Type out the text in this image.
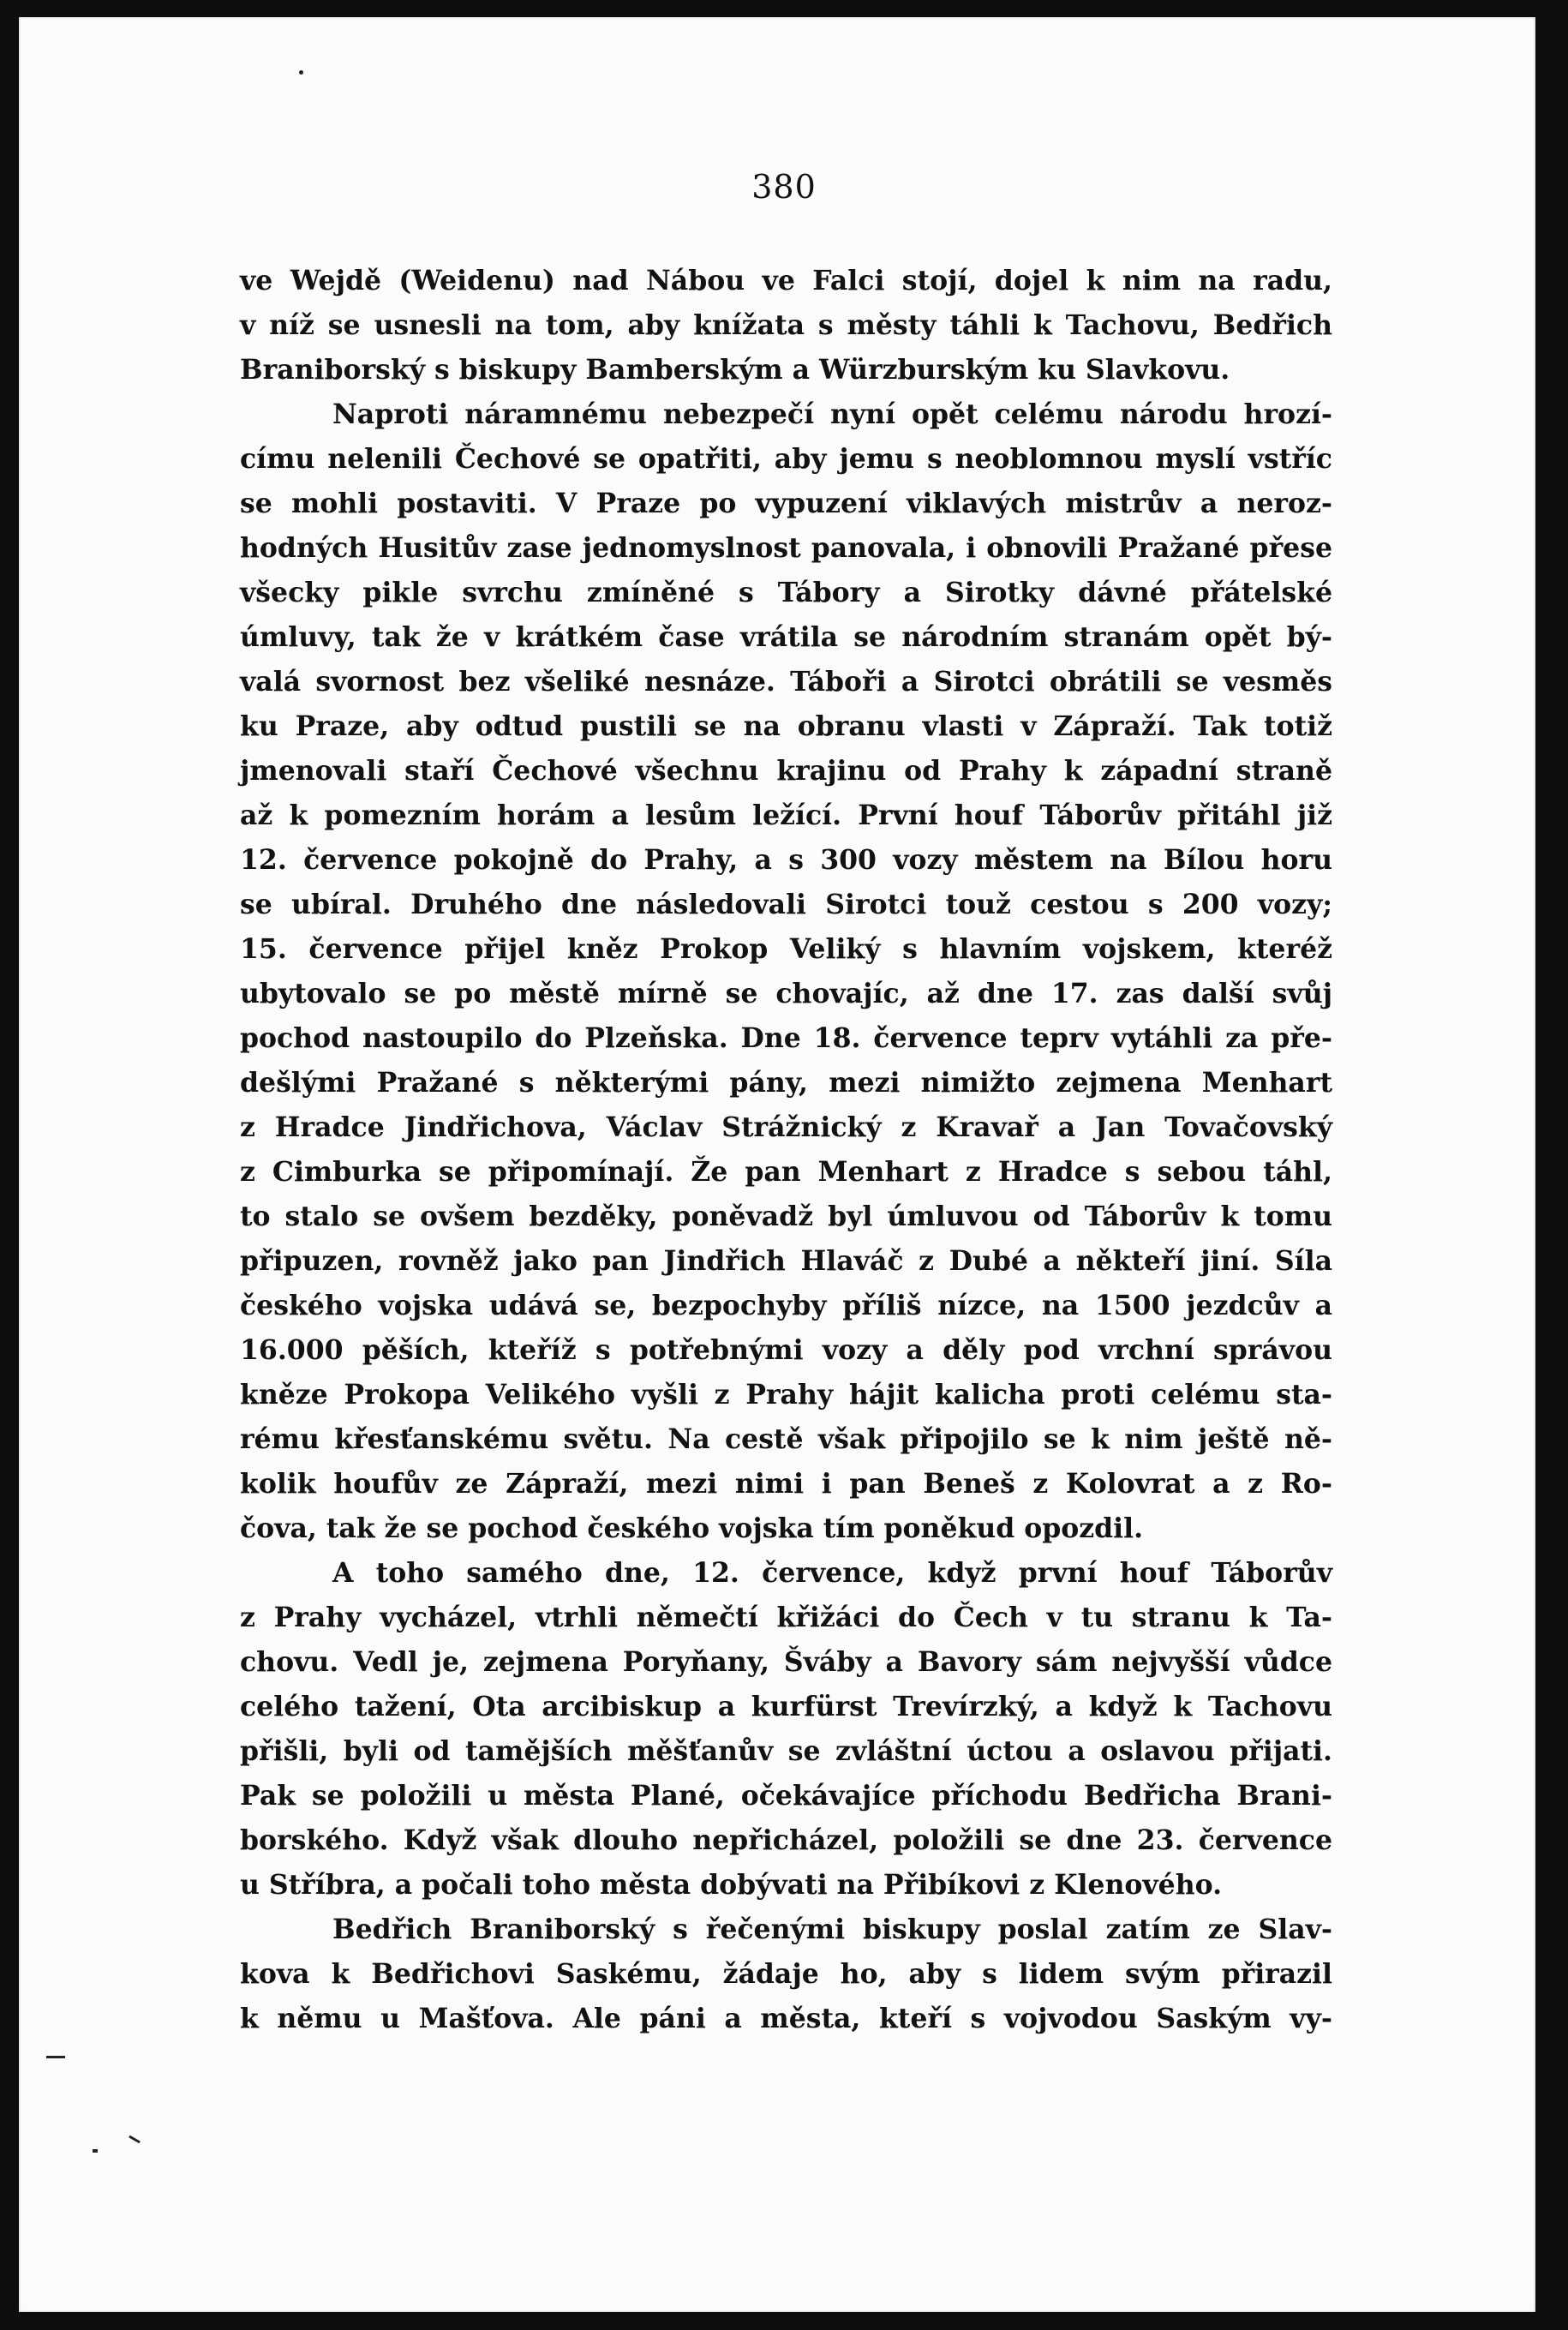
380
ve Wejdě (Weidenu) nad Nábou ve Falci stojí, dojel k nim na radu,
v níž se usnesli na tom, aby knížata s městy táhli k Tachovu, Bedřich
Braniborský s biskupy Bamberským a Würzburským ku Slavkovu.
Naproti náramnému nebezpečí nyní opět celému národu hrozí-
címu nelenili Čechové se opatřiti, aby jemu s neoblomnou myslí vstříc
se mohli postaviti. V Praze po vypuzení viklavých mistrův a neroz-
hodných Husitův zase jednomyslnost panovala, i obnovili Pražané přese
všecky pikle svrchu zmíněné s Tábory a Sirotky dávné přátelské
úmluvy, tak že v krátkém čase vrátila se národním stranám opět bý-
valá svornost bez všeliké nesnáze. Táboři a Sirotci obrátili se vesměs
ku Praze, aby odtud pustili se na obranu vlasti v Zápraží. Tak totiž
jmenovali staří Čechové všechnu krajinu od Prahy k západní straně
až k pomezním horám a lesům ležící. První houf Táborův přitáhl již
12. července pokojně do Prahy, a s 300 vozy městem na Bílou horu
se ubíral. Druhého dne následovali Sirotci touž cestou s 200 vozy;
15. července přijel kněz Prokop Veliký s hlavním vojskem, kteréž
ubytovalo se po městě mírně se chovajíc, až dne 17. zas další svůj
pochod nastoupilo do Plzeňska. Dne 18. července teprv vytáhli za pře-
dešlými Pražané s některými pány, mezi nimižto zejmena Menhart
z Hradce Jindřichova, Václav Strážnický z Kravař a Jan Tovačovský
z Cimburka se připomínají. Že pan Menhart z Hradce s sebou táhl,
to stalo se ovšem bezděky, poněvadž byl úmluvou od Táborův k tomu
připuzen, rovněž jako pan Jindřich Hlaváč z Dubé a někteří jiní. Síla
českého vojska udává se, bezpochyby příliš nízce, na 1500 jezdcův a
16.000 pěších, kteříž s potřebnými vozy a děly pod vrchní správou
kněze Prokopa Velikého vyšli z Prahy hájit kalicha proti celému sta-
rému křesťanskému světu. Na cestě však připojilo se k nim ještě ně-
kolik houfův ze Zápraží, mezi nimi i pan Beneš z Kolovrat a z Ro-
čova, tak že se pochod českého vojska tím poněkud opozdil.
A toho samého dne, 12. července, když první houf Táborův
z Prahy vycházel, vtrhli němečtí křižáci do Čech v tu stranu k Ta-
chovu. Vedl je, zejmena Poryňany, Šváby a Bavory sám nejvyšší vůdce
celého tažení, Ota arcibiskup a kurfürst Trevírzký, a když k Tachovu
přišli, byli od tamějších měšťanův se zvláštní úctou a oslavou přijati.
Pak se položili u města Plané, očekávajíce příchodu Bedřicha Brani-
borského. Když však dlouho nepřicházel, položili se dne 23. července
u Stříbra, a počali toho města dobývati na Přibíkovi z Klenového.
Bedřich Braniborský s řečenými biskupy poslal zatím ze Slav-
kova k Bedřichovi Saskému, žádaje ho, aby s lidem svým přirazil
k němu u Mašťova. Ale páni a města, kteří s vojvodou Saským vy-
